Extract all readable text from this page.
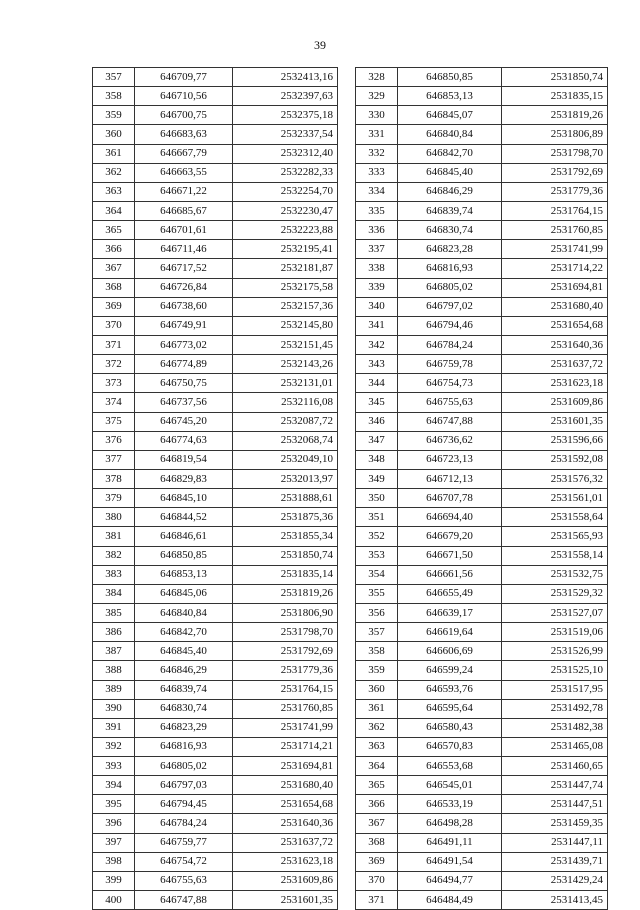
39
357	646709,77	2532413,16
358	646710,56	2532397,63
359	646700,75	2532375,18
360	646683,63	2532337,54
361	646667,79	2532312,40
362	646663,55	2532282,33
363	646671,22	2532254,70
364	646685,67	2532230,47
365	646701,61	2532223,88
366	646711,46	2532195,41
367	646717,52	2532181,87
368	646726,84	2532175,58
369	646738,60	2532157,36
370	646749,91	2532145,80
371	646773,02	2532151,45
372	646774,89	2532143,26
373	646750,75	2532131,01
374	646737,56	2532116,08
375	646745,20	2532087,72
376	646774,63	2532068,74
377	646819,54	2532049,10
378	646829,83	2532013,97
379	646845,10	2531888,61
380	646844,52	2531875,36
381	646846,61	2531855,34
382	646850,85	2531850,74
383	646853,13	2531835,14
384	646845,06	2531819,26
385	646840,84	2531806,90
386	646842,70	2531798,70
387	646845,40	2531792,69
388	646846,29	2531779,36
389	646839,74	2531764,15
390	646830,74	2531760,85
391	646823,29	2531741,99
392	646816,93	2531714,21
393	646805,02	2531694,81
394	646797,03	2531680,40
395	646794,45	2531654,68
396	646784,24	2531640,36
397	646759,77	2531637,72
398	646754,72	2531623,18
399	646755,63	2531609,86
400	646747,88	2531601,35
328	646850,85	2531850,74
329	646853,13	2531835,15
330	646845,07	2531819,26
331	646840,84	2531806,89
332	646842,70	2531798,70
333	646845,40	2531792,69
334	646846,29	2531779,36
335	646839,74	2531764,15
336	646830,74	2531760,85
337	646823,28	2531741,99
338	646816,93	2531714,22
339	646805,02	2531694,81
340	646797,02	2531680,40
341	646794,46	2531654,68
342	646784,24	2531640,36
343	646759,78	2531637,72
344	646754,73	2531623,18
345	646755,63	2531609,86
346	646747,88	2531601,35
347	646736,62	2531596,66
348	646723,13	2531592,08
349	646712,13	2531576,32
350	646707,78	2531561,01
351	646694,40	2531558,64
352	646679,20	2531565,93
353	646671,50	2531558,14
354	646661,56	2531532,75
355	646655,49	2531529,32
356	646639,17	2531527,07
357	646619,64	2531519,06
358	646606,69	2531526,99
359	646599,24	2531525,10
360	646593,76	2531517,95
361	646595,64	2531492,78
362	646580,43	2531482,38
363	646570,83	2531465,08
364	646553,68	2531460,65
365	646545,01	2531447,74
366	646533,19	2531447,51
367	646498,28	2531459,35
368	646491,11	2531447,11
369	646491,54	2531439,71
370	646494,77	2531429,24
371	646484,49	2531413,45
